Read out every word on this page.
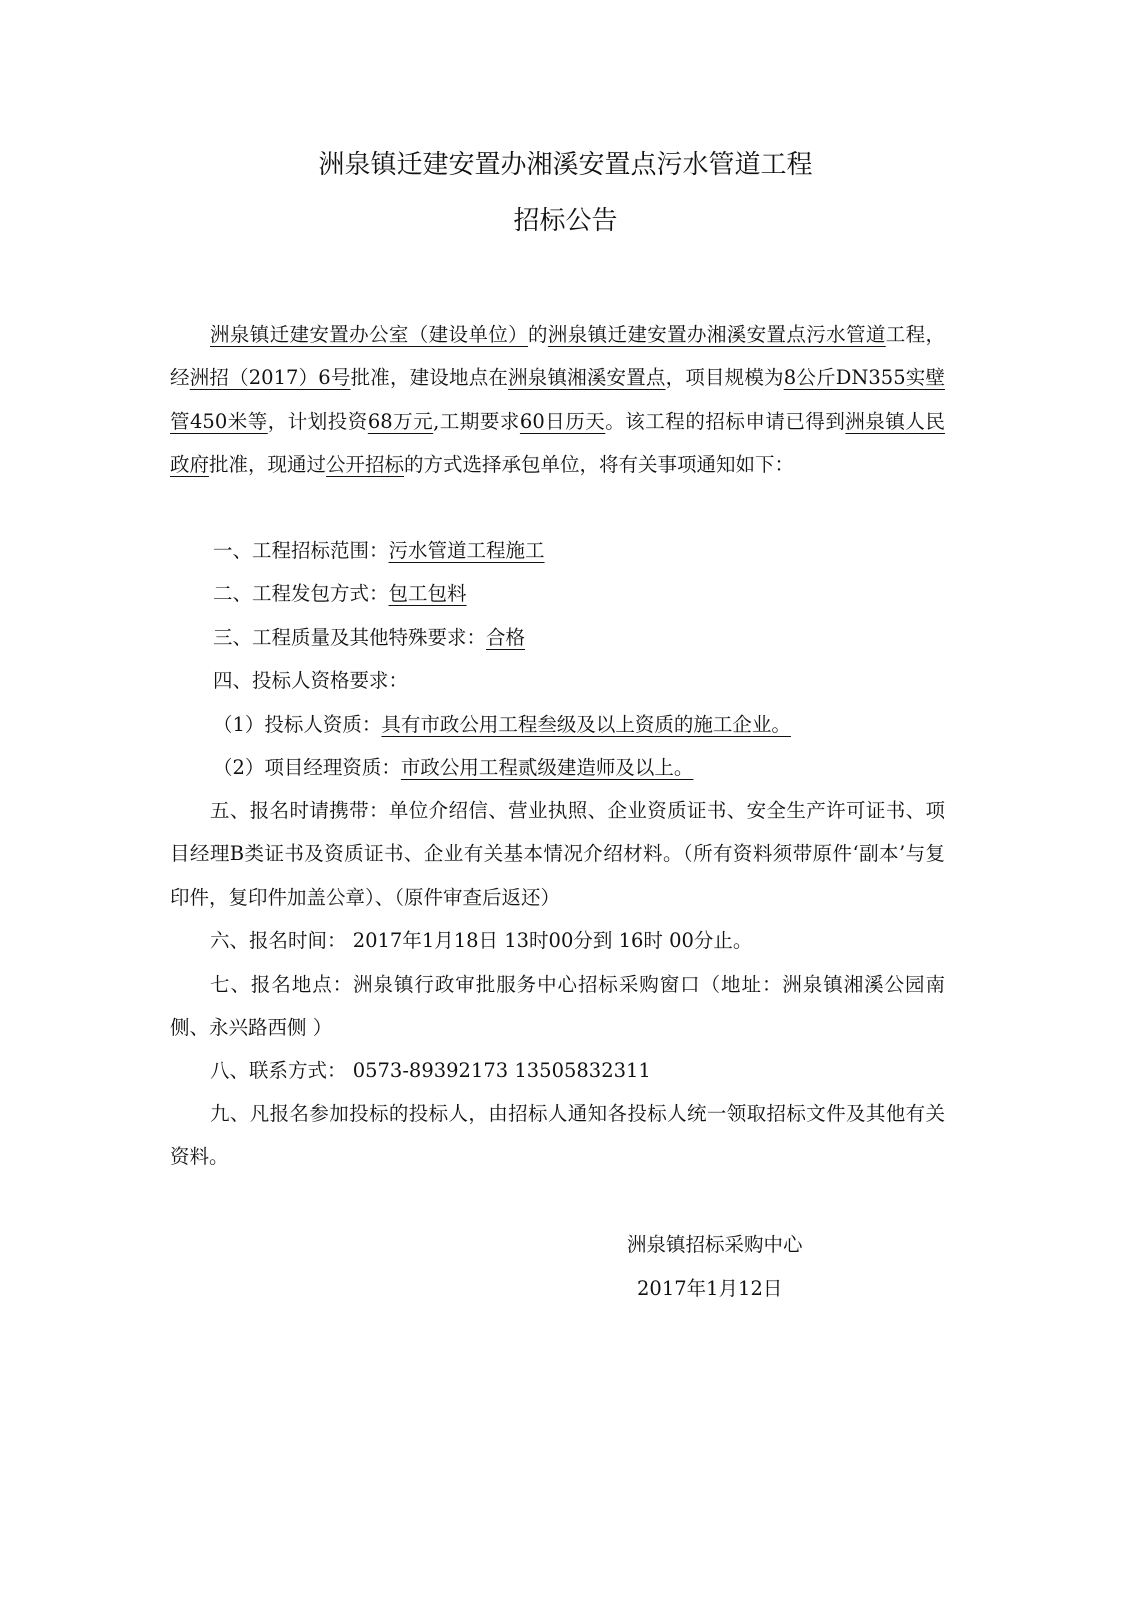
洲泉镇迁建安置办湘溪安置点污水管道工程
招标公告
洲泉镇迁建安置办公室（建设单位）的洲泉镇迁建安置办湘溪安置点污水管道工程，经洲招（2017）6号批准，建设地点在洲泉镇湘溪安置点，项目规模为8公斤DN355实壁管450米等，计划投资68万元,工期要求60日历天。该工程的招标申请已得到洲泉镇人民政府批准，现通过公开招标的方式选择承包单位，将有关事项通知如下：
一、工程招标范围：污水管道工程施工
二、工程发包方式：包工包料
三、工程质量及其他特殊要求：合格
四、投标人资格要求：
（1）投标人资质：具有市政公用工程叁级及以上资质的施工企业。
（2）项目经理资质：市政公用工程贰级建造师及以上。
五、报名时请携带：单位介绍信、营业执照、企业资质证书、安全生产许可证书、项目经理B类证书及资质证书、企业有关基本情况介绍材料。（所有资料须带原件‘副本’与复印件，复印件加盖公章）、（原件审查后返还）
六、报名时间： 2017年1月18日 13时00分到 16时 00分止。
七、报名地点：洲泉镇行政审批服务中心招标采购窗口（地址：洲泉镇湘溪公园南侧、永兴路西侧 ）
八、联系方式： 0573-89392173 13505832311
九、凡报名参加投标的投标人，由招标人通知各投标人统一领取招标文件及其他有关资料。
洲泉镇招标采购中心
2017年1月12日
